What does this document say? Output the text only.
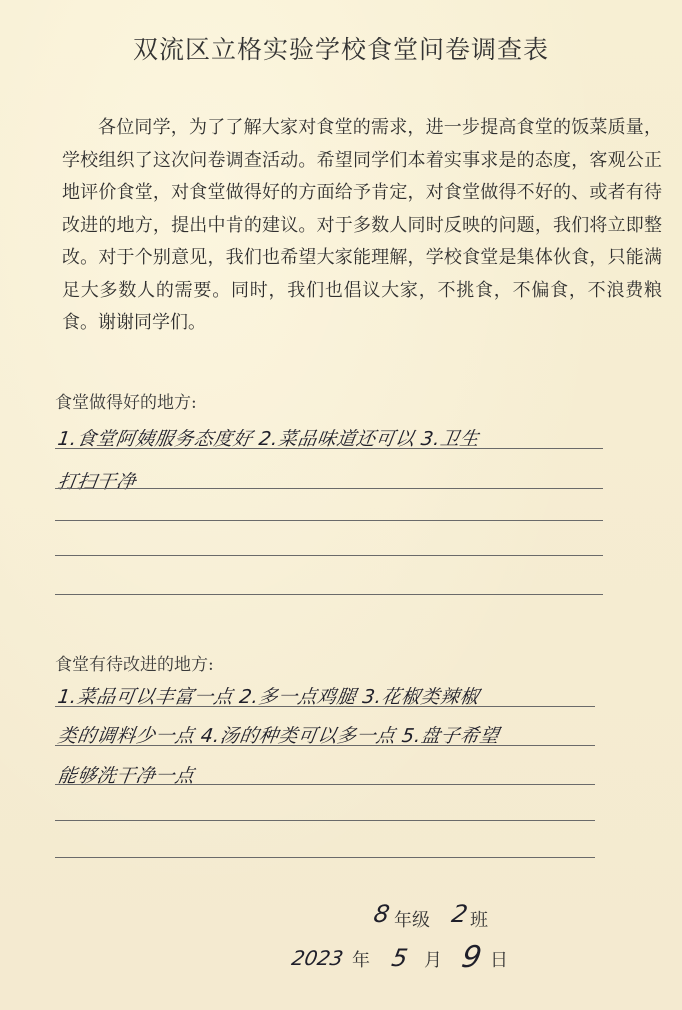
双流区立格实验学校食堂问卷调查表
各位同学，为了了解大家对食堂的需求，进一步提高食堂的饭菜质量，学校组织了这次问卷调查活动。希望同学们本着实事求是的态度，客观公正地评价食堂，对食堂做得好的方面给予肯定，对食堂做得不好的、或者有待改进的地方，提出中肯的建议。对于多数人同时反映的问题，我们将立即整改。对于个别意见，我们也希望大家能理解，学校食堂是集体伙食，只能满足大多数人的需要。同时，我们也倡议大家，不挑食，不偏食，不浪费粮食。谢谢同学们。
食堂做得好的地方:
1.食堂阿姨服务态度好 2.菜品味道还可以 3.卫生
打扫干净
食堂有待改进的地方:
1.菜品可以丰富一点 2.多一点鸡腿 3.花椒类辣椒
类的调料少一点 4.汤的种类可以多一点 5.盘子希望
能够洗干净一点
8 年级 2 班
2023 年 5 月 9 日
